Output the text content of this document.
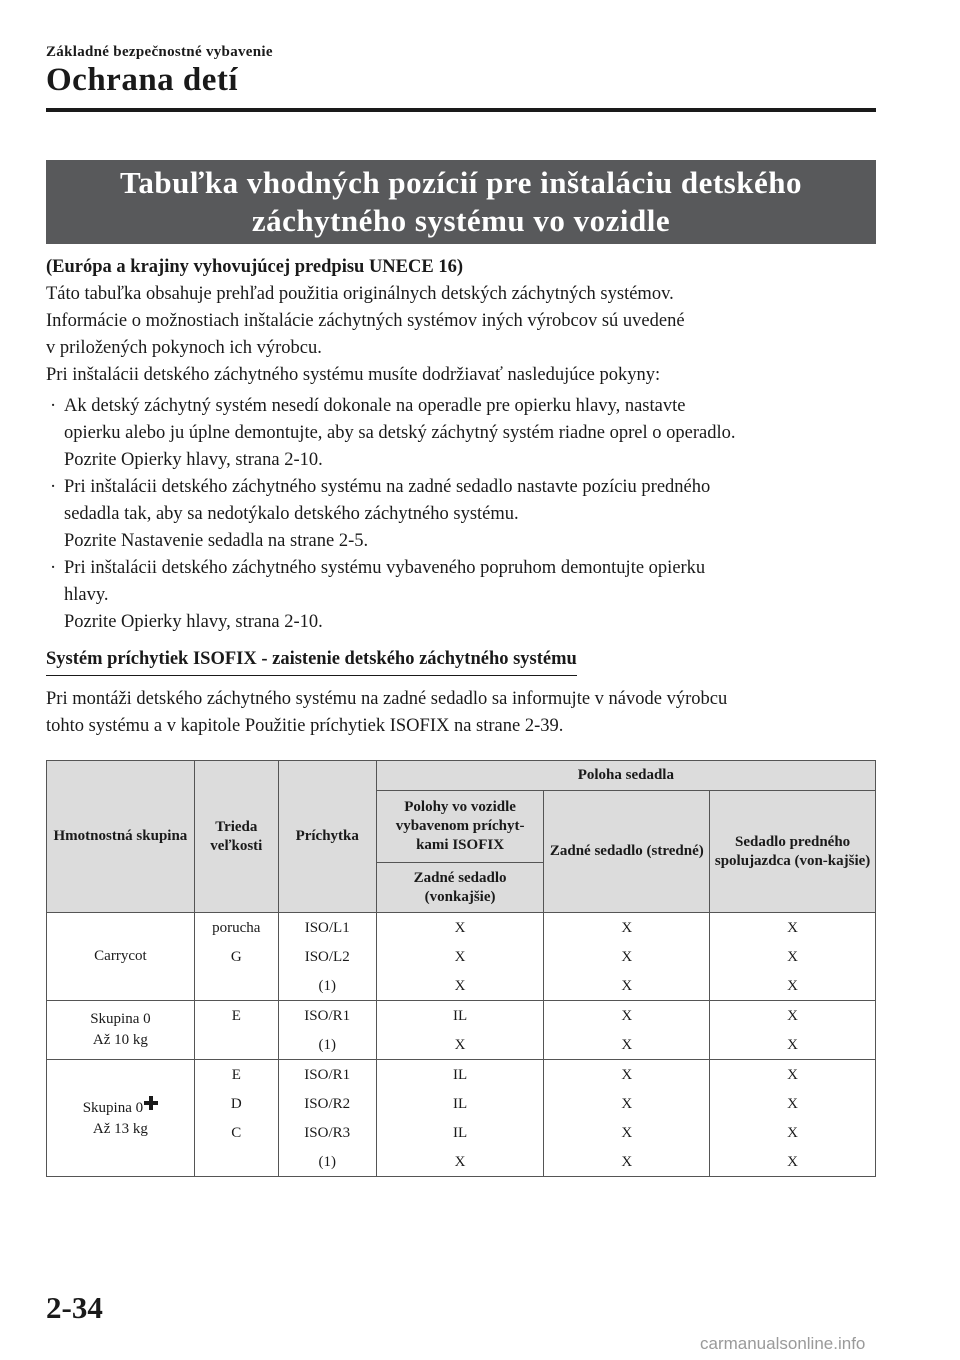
Základné bezpečnostné vybavenie
Ochrana detí
Tabuľka vhodných pozícií pre inštaláciu detského
záchytného systému vo vozidle

(Európa a krajiny vyhovujúcej predpisu UNECE 16)

Táto tabuľka obsahuje prehľad použitia originálnych detských záchytných systémov.

Informácie o možnostiach inštalácie záchytných systémov iných výrobcov sú uvedené

v priložených pokynoch ich výrobcu.

Pri inštalácii detského záchytného systému musíte dodržiavať nasledujúce pokyny:

· Ak detský záchytný systém nesedí dokonale na operadle pre opierku hlavy, nastavte
opierku alebo ju úplne demontujte, aby sa detský záchytný systém riadne oprel o operadlo.
Pozrite Opierky hlavy, strana 2-10.
· Pri inštalácii detského záchytného systému na zadné sedadlo nastavte pozíciu predného
sedadla tak, aby sa nedotýkalo detského záchytného systému.
Pozrite Nastavenie sedadla na strane 2-5.
· Pri inštalácii detského záchytného systému vybaveného popruhom demontujte opierku
hlavy.
Pozrite Opierky hlavy, strana 2-10.
Systém príchytiek ISOFIX - zaistenie detského záchytného systému

Pri montáži detského záchytného systému na zadné sedadlo sa informujte v návode výrobcu

tohto systému a v kapitole Použitie príchytiek ISOFIX na strane 2-39.

Hmotnostná skupina	Trieda veľkosti	Príchytka	Poloha sedadla		
			Polohy vo vozidle vybavenom príchyt-kami ISOFIX	Zadné sedadlo (stredné)	Sedadlo predného spolujazdca (von-kajšie)
			Zadné sedadlo (vonkajšie)		
Carrycot	porucha	ISO/L1	X	X	X
	G	ISO/L2	X	X	X
		(1)	X	X	X
Skupina 0
Až 10 kg	E	ISO/R1	IL	X	X
		(1)	X	X	X
Skupina 0
Až 13 kg	E	ISO/R1	IL	X	X
	D	ISO/R2	IL	X	X
	C	ISO/R3	IL	X	X
		(1)	X	X	X
2-34
carmanualsonline.info
